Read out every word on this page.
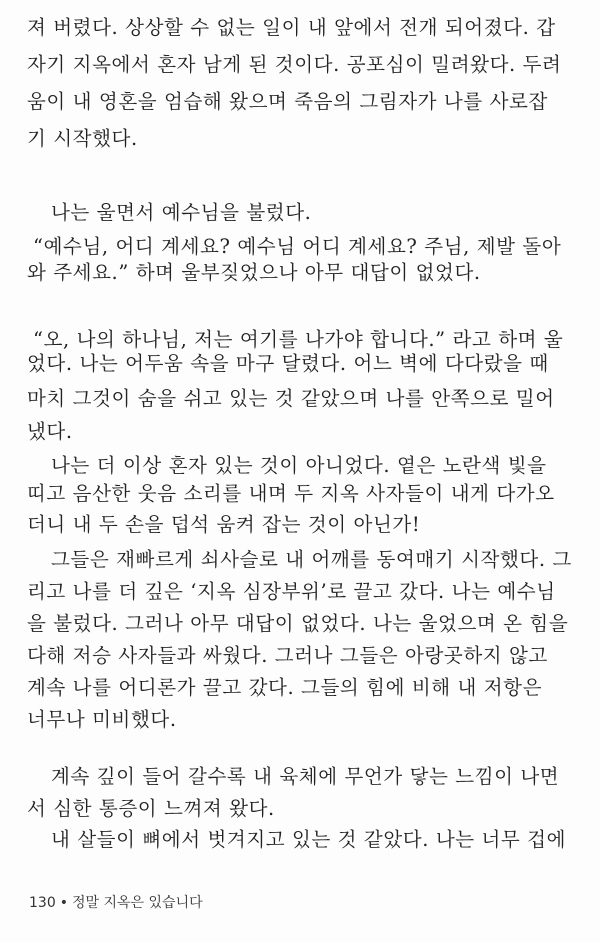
져 버렸다. 상상할 수 없는 일이 내 앞에서 전개 되어졌다. 갑
자기 지옥에서 혼자 남게 된 것이다. 공포심이 밀려왔다. 두려
움이 내 영혼을 엄습해 왔으며 죽음의 그림자가 나를 사로잡
기 시작했다.
나는 울면서 예수님을 불렀다.
“예수님, 어디 계세요? 예수님 어디 계세요? 주님, 제발 돌아
와 주세요.” 하며 울부짖었으나 아무 대답이 없었다.
“오, 나의 하나님, 저는 여기를 나가야 합니다.” 라고 하며 울
었다. 나는 어두움 속을 마구 달렸다. 어느 벽에 다다랐을 때
마치 그것이 숨을 쉬고 있는 것 같았으며 나를 안쪽으로 밀어
냈다.
나는 더 이상 혼자 있는 것이 아니었다. 옅은 노란색 빛을
띠고 음산한 웃음 소리를 내며 두 지옥 사자들이 내게 다가오
더니 내 두 손을 덥석 움켜 잡는 것이 아닌가!
그들은 재빠르게 쇠사슬로 내 어깨를 동여매기 시작했다. 그
리고 나를 더 깊은 ‘지옥 심장부위’로 끌고 갔다. 나는 예수님
을 불렀다. 그러나 아무 대답이 없었다. 나는 울었으며 온 힘을
다해 저승 사자들과 싸웠다. 그러나 그들은 아랑곳하지 않고
계속 나를 어디론가 끌고 갔다. 그들의 힘에 비해 내 저항은
너무나 미비했다.
계속 깊이 들어 갈수록 내 육체에 무언가 닿는 느낌이 나면
서 심한 통증이 느껴져 왔다.
내 살들이 뼈에서 벗겨지고 있는 것 같았다. 나는 너무 겁에
130 • 정말 지옥은 있습니다
